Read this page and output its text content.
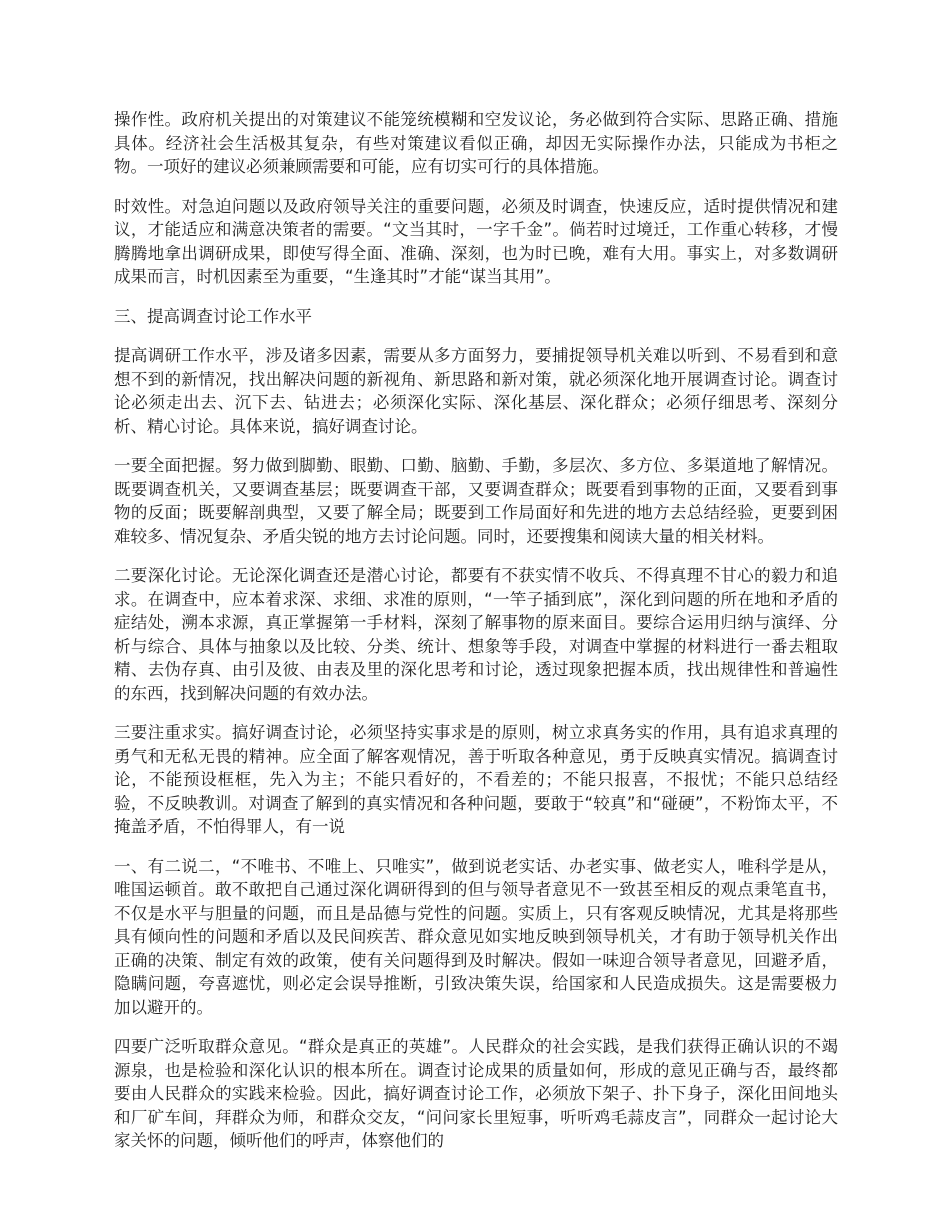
操作性。政府机关提出的对策建议不能笼统模糊和空发议论，务必做到符合实际、思路正确、措施具体。经济社会生活极其复杂，有些对策建议看似正确，却因无实际操作办法，只能成为书柜之物。一项好的建议必须兼顾需要和可能，应有切实可行的具体措施。

时效性。对急迫问题以及政府领导关注的重要问题，必须及时调查，快速反应，适时提供情况和建议，才能适应和满意决策者的需要。“文当其时，一字千金”。倘若时过境迁，工作重心转移，才慢腾腾地拿出调研成果，即使写得全面、准确、深刻，也为时已晚，难有大用。事实上，对多数调研成果而言，时机因素至为重要，“生逢其时”才能“谋当其用”。

三、提高调查讨论工作水平

提高调研工作水平，涉及诸多因素，需要从多方面努力，要捕捉领导机关难以听到、不易看到和意想不到的新情况，找出解决问题的新视角、新思路和新对策，就必须深化地开展调查讨论。调查讨论必须走出去、沉下去、钻进去；必须深化实际、深化基层、深化群众；必须仔细思考、深刻分析、精心讨论。具体来说，搞好调查讨论。

一要全面把握。努力做到脚勤、眼勤、口勤、脑勤、手勤，多层次、多方位、多渠道地了解情况。既要调查机关，又要调查基层；既要调查干部，又要调查群众；既要看到事物的正面，又要看到事物的反面；既要解剖典型，又要了解全局；既要到工作局面好和先进的地方去总结经验，更要到困难较多、情况复杂、矛盾尖锐的地方去讨论问题。同时，还要搜集和阅读大量的相关材料。

二要深化讨论。无论深化调查还是潜心讨论，都要有不获实情不收兵、不得真理不甘心的毅力和追求。在调查中，应本着求深、求细、求准的原则，“一竿子插到底”，深化到问题的所在地和矛盾的症结处，溯本求源，真正掌握第一手材料，深刻了解事物的原来面目。要综合运用归纳与演绎、分析与综合、具体与抽象以及比较、分类、统计、想象等手段，对调查中掌握的材料进行一番去粗取精、去伪存真、由引及彼、由表及里的深化思考和讨论，透过现象把握本质，找出规律性和普遍性的东西，找到解决问题的有效办法。

三要注重求实。搞好调查讨论，必须坚持实事求是的原则，树立求真务实的作用，具有追求真理的勇气和无私无畏的精神。应全面了解客观情况，善于听取各种意见，勇于反映真实情况。搞调查讨论，不能预设框框，先入为主；不能只看好的，不看差的；不能只报喜，不报忧；不能只总结经验，不反映教训。对调查了解到的真实情况和各种问题，要敢于“较真”和“碰硬”，不粉饰太平，不掩盖矛盾，不怕得罪人，有一说

一、有二说二，“不唯书、不唯上、只唯实”，做到说老实话、办老实事、做老实人，唯科学是从，唯国运顿首。敢不敢把自己通过深化调研得到的但与领导者意见不一致甚至相反的观点秉笔直书，不仅是水平与胆量的问题，而且是品德与党性的问题。实质上，只有客观反映情况，尤其是将那些具有倾向性的问题和矛盾以及民间疾苦、群众意见如实地反映到领导机关，才有助于领导机关作出正确的决策、制定有效的政策，使有关问题得到及时解决。假如一味迎合领导者意见，回避矛盾，隐瞒问题，夸喜遮忧，则必定会误导推断，引致决策失误，给国家和人民造成损失。这是需要极力加以避开的。

四要广泛听取群众意见。“群众是真正的英雄”。人民群众的社会实践，是我们获得正确认识的不竭源泉，也是检验和深化认识的根本所在。调查讨论成果的质量如何，形成的意见正确与否，最终都要由人民群众的实践来检验。因此，搞好调查讨论工作，必须放下架子、扑下身子，深化田间地头和厂矿车间，拜群众为师，和群众交友，“问问家长里短事，听听鸡毛蒜皮言”，同群众一起讨论大家关怀的问题，倾听他们的呼声，体察他们的
